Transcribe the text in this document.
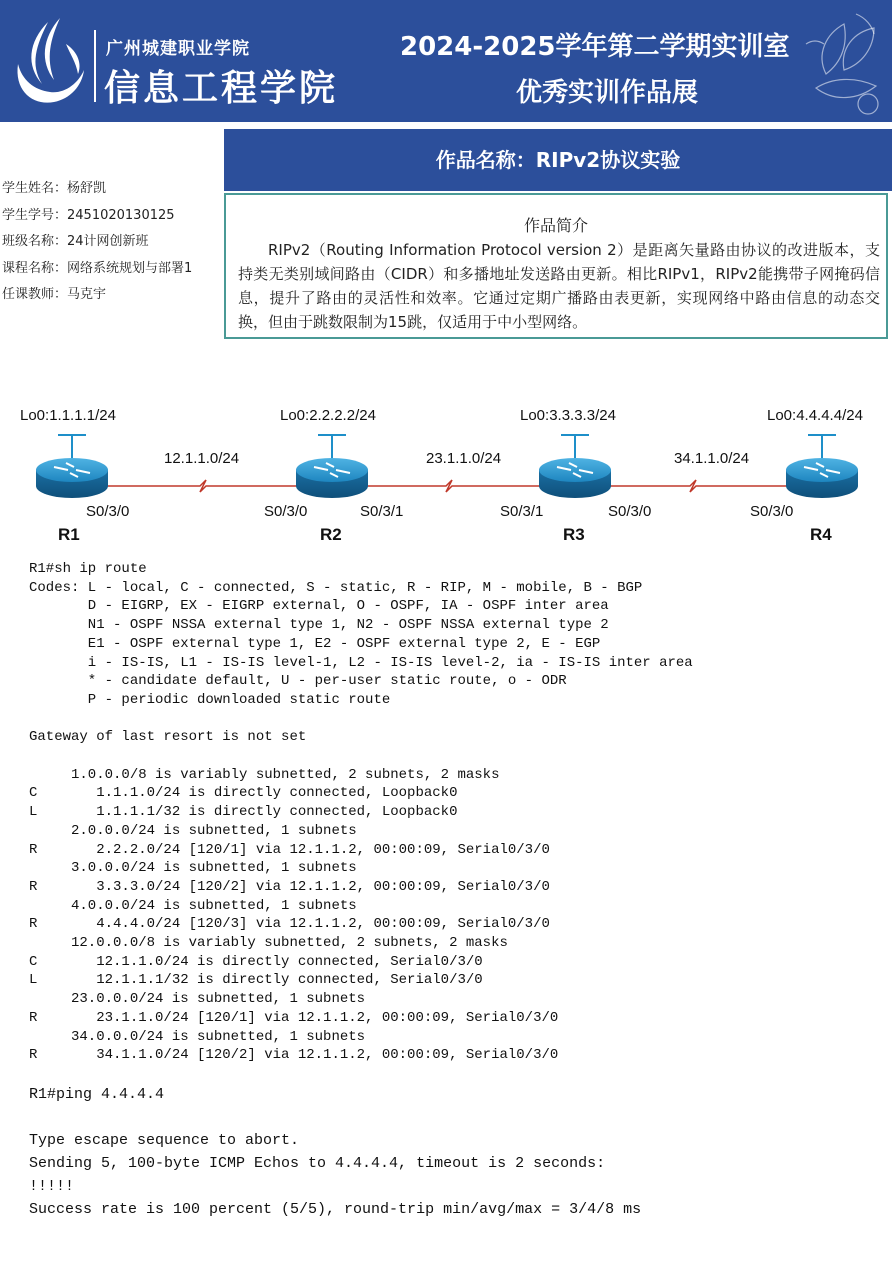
广州城建职业学院
信息工程学院
2024-2025学年第二学期实训室
优秀实训作品展
作品名称：RIPv2协议实验
学生姓名：杨舒凯
学生学号：2451020130125
班级名称：24计网创新班
课程名称：网络系统规划与部署1
任课教师：马克宇
作品简介
RIPv2（Routing Information Protocol version 2）是距离矢量路由协议的改进版本，支持类无类别域间路由（CIDR）和多播地址发送路由更新。相比RIPv1，RIPv2能携带子网掩码信息，提升了路由的灵活性和效率。它通过定期广播路由表更新，实现网络中路由信息的动态交换，但由于跳数限制为15跳，仅适用于中小型网络。
Lo0:1.1.1.1/24	Lo0:2.2.2.2/24	Lo0:3.3.3.3/24	Lo0:4.4.4.4/24
12.1.1.0/24	23.1.1.0/24	34.1.1.0/24
S0/3/0	S0/3/0	S0/3/1	S0/3/1	S0/3/0	S0/3/0
R1	R2	R3	R4
R1#sh ip route
Codes: L - local, C - connected, S - static, R - RIP, M - mobile, B - BGP
D - EIGRP, EX - EIGRP external, O - OSPF, IA - OSPF inter area
N1 - OSPF NSSA external type 1, N2 - OSPF NSSA external type 2
E1 - OSPF external type 1, E2 - OSPF external type 2, E - EGP
i - IS-IS, L1 - IS-IS level-1, L2 - IS-IS level-2, ia - IS-IS inter area
* - candidate default, U - per-user static route, o - ODR
P - periodic downloaded static route

Gateway of last resort is not set

1.0.0.0/8 is variably subnetted, 2 subnets, 2 masks
C       1.1.1.0/24 is directly connected, Loopback0
L       1.1.1.1/32 is directly connected, Loopback0
2.0.0.0/24 is subnetted, 1 subnets
R       2.2.2.0/24 [120/1] via 12.1.1.2, 00:00:09, Serial0/3/0
3.0.0.0/24 is subnetted, 1 subnets
R       3.3.3.0/24 [120/2] via 12.1.1.2, 00:00:09, Serial0/3/0
4.0.0.0/24 is subnetted, 1 subnets
R       4.4.4.0/24 [120/3] via 12.1.1.2, 00:00:09, Serial0/3/0
12.0.0.0/8 is variably subnetted, 2 subnets, 2 masks
C       12.1.1.0/24 is directly connected, Serial0/3/0
L       12.1.1.1/32 is directly connected, Serial0/3/0
23.0.0.0/24 is subnetted, 1 subnets
R       23.1.1.0/24 [120/1] via 12.1.1.2, 00:00:09, Serial0/3/0
34.0.0.0/24 is subnetted, 1 subnets
R       34.1.1.0/24 [120/2] via 12.1.1.2, 00:00:09, Serial0/3/0
R1#ping 4.4.4.4

Type escape sequence to abort.
Sending 5, 100-byte ICMP Echos to 4.4.4.4, timeout is 2 seconds:
!!!!!
Success rate is 100 percent (5/5), round-trip min/avg/max = 3/4/8 ms
